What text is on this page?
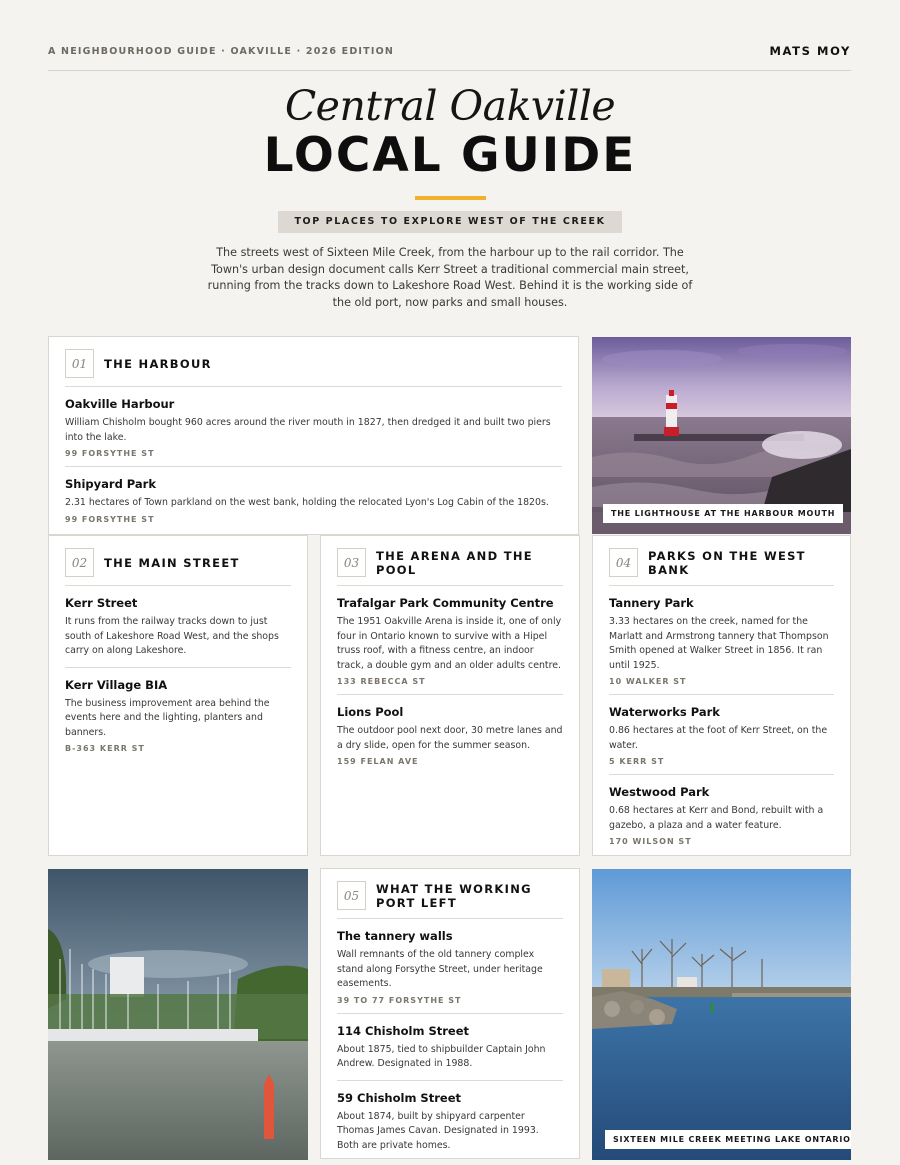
A NEIGHBOURHOOD GUIDE · OAKVILLE · 2026 EDITION	MATS MOY
Central Oakville
LOCAL GUIDE
TOP PLACES TO EXPLORE WEST OF THE CREEK
The streets west of Sixteen Mile Creek, from the harbour up to the rail corridor. The Town's urban design document calls Kerr Street a traditional commercial main street, running from the tracks down to Lakeshore Road West. Behind it is the working side of the old port, now parks and small houses.
01	THE HARBOUR
Oakville Harbour
William Chisholm bought 960 acres around the river mouth in 1827, then dredged it and built two piers into the lake.
99 FORSYTHE ST
Shipyard Park
2.31 hectares of Town parkland on the west bank, holding the relocated Lyon's Log Cabin of the 1820s.
99 FORSYTHE ST
THE LIGHTHOUSE AT THE HARBOUR MOUTH
02	THE MAIN STREET
Kerr Street
It runs from the railway tracks down to just south of Lakeshore Road West, and the shops carry on along Lakeshore.
Kerr Village BIA
The business improvement area behind the events here and the lighting, planters and banners.
B-363 KERR ST
03	THE ARENA AND THE POOL
Trafalgar Park Community Centre
The 1951 Oakville Arena is inside it, one of only four in Ontario known to survive with a Hipel truss roof, with a fitness centre, an indoor track, a double gym and an older adults centre.
133 REBECCA ST
Lions Pool
The outdoor pool next door, 30 metre lanes and a dry slide, open for the summer season.
159 FELAN AVE
04	PARKS ON THE WEST BANK
Tannery Park
3.33 hectares on the creek, named for the Marlatt and Armstrong tannery that Thompson Smith opened at Walker Street in 1856. It ran until 1925.
10 WALKER ST
Waterworks Park
0.86 hectares at the foot of Kerr Street, on the water.
5 KERR ST
Westwood Park
0.68 hectares at Kerr and Bond, rebuilt with a gazebo, a plaza and a water feature.
170 WILSON ST
05	WHAT THE WORKING PORT LEFT
The tannery walls
Wall remnants of the old tannery complex stand along Forsythe Street, under heritage easements.
39 TO 77 FORSYTHE ST
114 Chisholm Street
About 1875, tied to shipbuilder Captain John Andrew. Designated in 1988.
59 Chisholm Street
About 1874, built by shipyard carpenter Thomas James Cavan. Designated in 1993. Both are private homes.	SIXTEEN MILE CREEK MEETING LAKE ONTARIO
